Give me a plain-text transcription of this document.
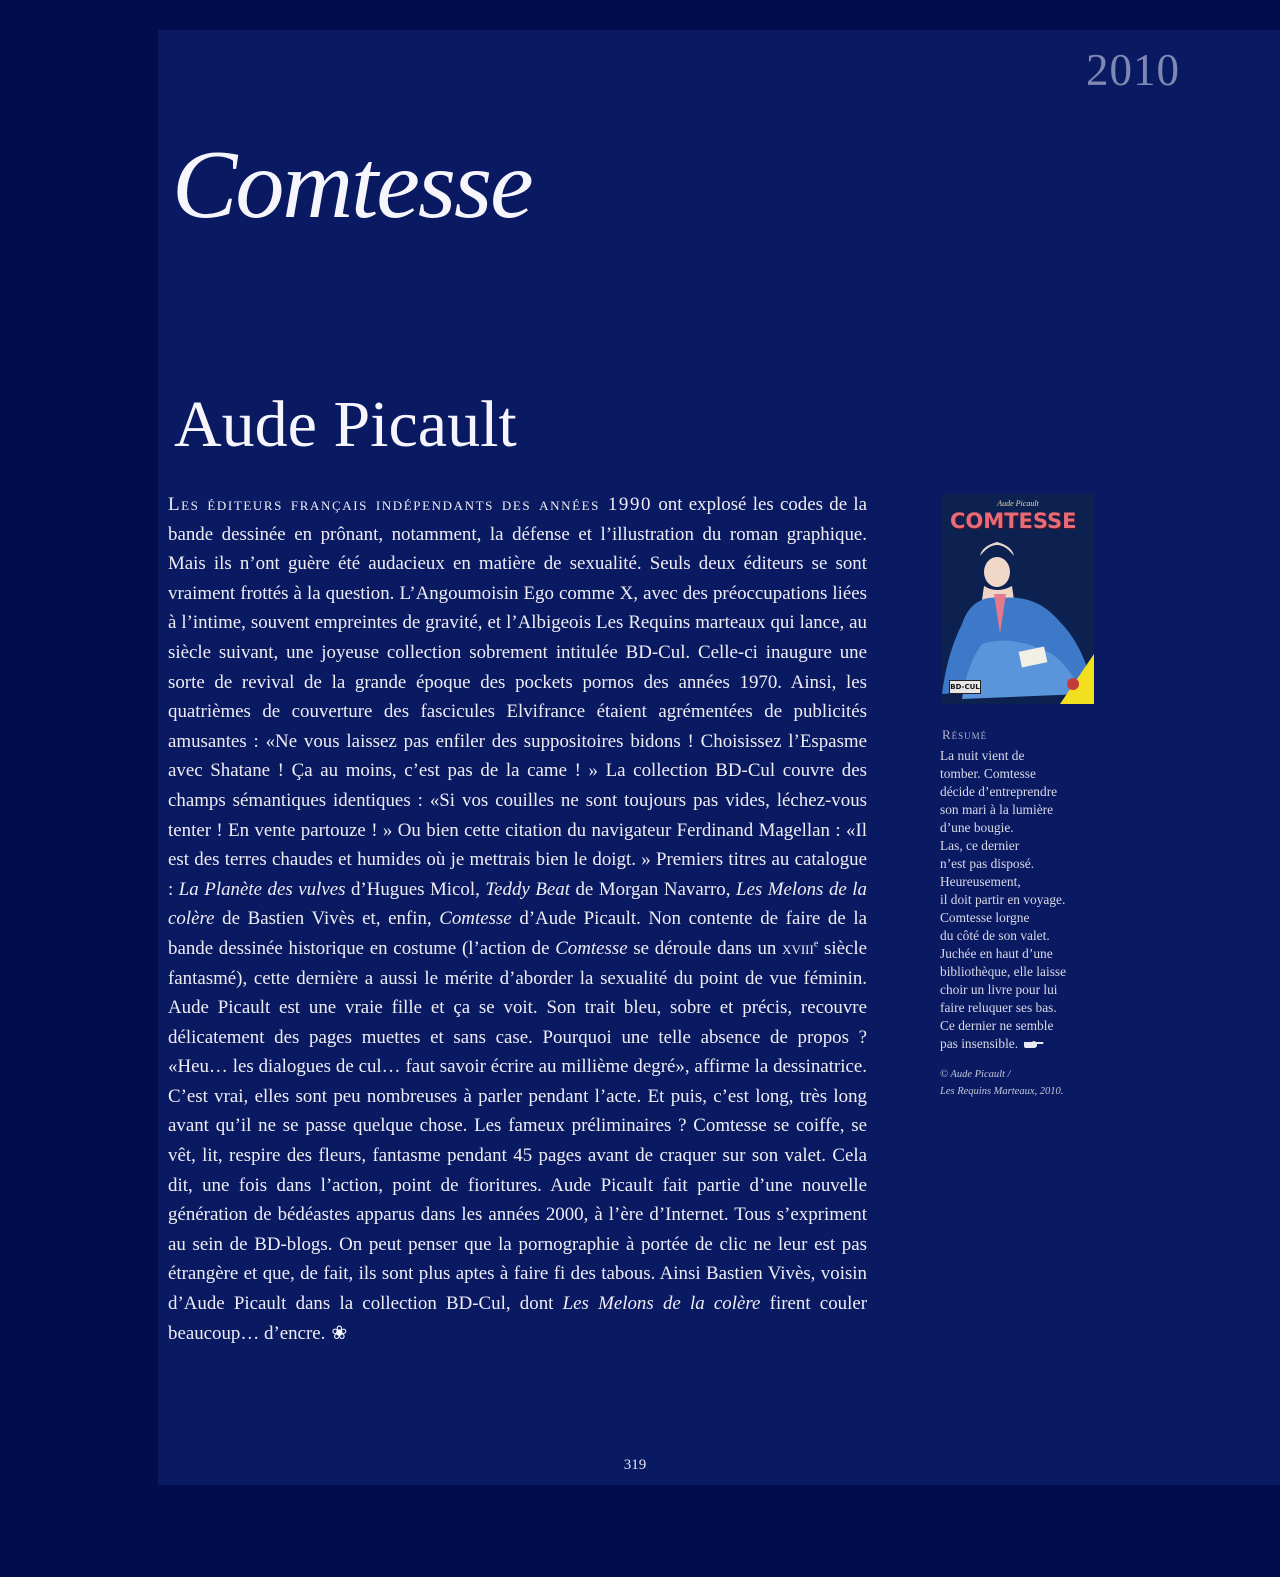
2010
Comtesse
Aude Picault

Les éditeurs français indépendants des années 1990 ont explosé les codes de la bande dessinée en prônant, notamment, la défense et l’illustration du roman graphique. Mais ils n’ont guère été audacieux en matière de sexualité. Seuls deux éditeurs se sont vraiment frottés à la question. L’Angoumoisin Ego comme X, avec des préoccupations liées à l’intime, souvent empreintes de gravité, et l’Albigeois Les Requins marteaux qui lance, au siècle suivant, une joyeuse collection sobrement intitulée BD-Cul. Celle-ci inaugure une sorte de revival de la grande époque des pockets pornos des années 1970. Ainsi, les quatrièmes de couverture des fascicules Elvifrance étaient agrémentées de publicités amusantes : «Ne vous laissez pas enfiler des suppositoires bidons ! Choisissez l’Espasme avec Shatane ! Ça au moins, c’est pas de la came ! » La collection BD-Cul couvre des champs sémantiques identiques : «Si vos couilles ne sont toujours pas vides, léchez-vous tenter ! En vente partouze ! » Ou bien cette citation du navigateur Ferdinand Magellan : «Il est des terres chaudes et humides où je mettrais bien le doigt. » Premiers titres au catalogue : La Planète des vulves d’Hugues Micol, Teddy Beat de Morgan Navarro, Les Melons de la colère de Bastien Vivès et, enfin, Comtesse d’Aude Picault. Non contente de faire de la bande dessinée historique en costume (l’action de Comtesse se déroule dans un xviii$^e$ siècle fantasmé), cette dernière a aussi le mérite d’aborder la sexualité du point de vue féminin. Aude Picault est une vraie fille et ça se voit. Son trait bleu, sobre et précis, recouvre délicatement des pages muettes et sans case. Pourquoi une telle absence de propos ? «Heu… les dialogues de cul… faut savoir écrire au millième degré», affirme la dessinatrice. C’est vrai, elles sont peu nombreuses à parler pendant l’acte. Et puis, c’est long, très long avant qu’il ne se passe quelque chose. Les fameux préliminaires ? Comtesse se coiffe, se vêt, lit, respire des fleurs, fantasme pendant 45 pages avant de craquer sur son valet. Cela dit, une fois dans l’action, point de fioritures. Aude Picault fait partie d’une nouvelle génération de bédéastes apparus dans les années 2000, à l’ère d’Internet. Tous s’expriment au sein de BD-blogs. On peut penser que la pornographie à portée de clic ne leur est pas étrangère et que, de fait, ils sont plus aptes à faire fi des tabous. Ainsi Bastien Vivès, voisin d’Aude Picault dans la collection BD-Cul, dont Les Melons de la colère firent couler beaucoup… d’encre. ❀

Aude Picault
COMTESSE
BD-CUL

Résumé

La nuit vient de
tomber. Comtesse
décide d’entreprendre
son mari à la lumière
d’une bougie.
Las, ce dernier
n’est pas disposé.
Heureusement,
il doit partir en voyage.
Comtesse lorgne
du côté de son valet.
Juchée en haut d’une
bibliothèque, elle laisse
choir un livre pour lui
faire reluquer ses bas.
Ce dernier ne semble
pas insensible.
© Aude Picault /
Les Requins Marteaux, 2010.
319
